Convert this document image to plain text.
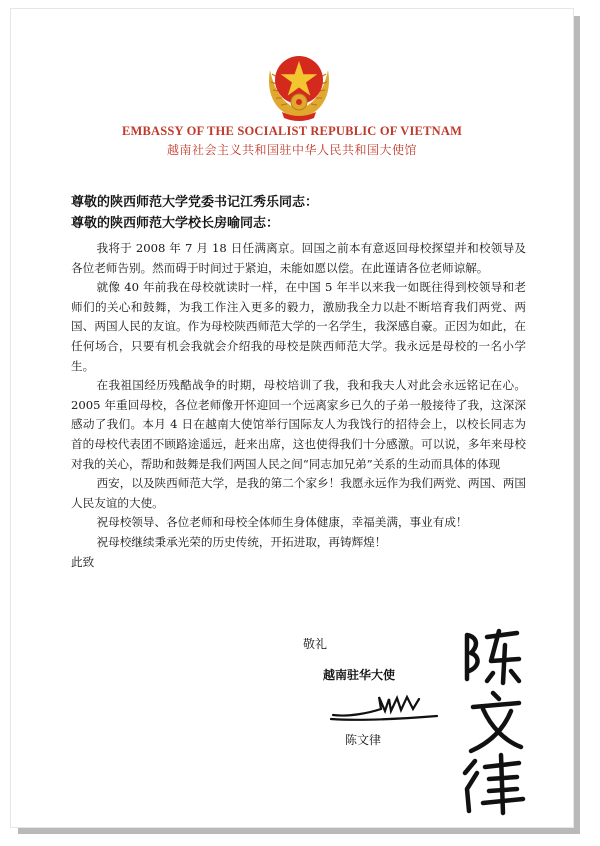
EMBASSY OF THE SOCIALIST REPUBLIC OF VIETNAM
越南社会主义共和国驻中华人民共和国大使馆
尊敬的陕西师范大学党委书记江秀乐同志：
尊敬的陕西师范大学校长房喻同志：

我将于 2008 年 7 月 18 日任满离京。回国之前本有意返回母校探望并和校领导及各位老师告别。然而碍于时间过于紧迫，未能如愿以偿。在此谨请各位老师谅解。

就像 40 年前我在母校就读时一样，在中国 5 年半以来我一如既往得到校领导和老师们的关心和鼓舞，为我工作注入更多的毅力，激励我全力以赴不断培育我们两党、两国、两国人民的友谊。作为母校陕西师范大学的一名学生，我深感自豪。正因为如此，在任何场合，只要有机会我就会介绍我的母校是陕西师范大学。我永远是母校的一名小学生。

在我祖国经历残酷战争的时期，母校培训了我，我和我夫人对此会永远铭记在心。2005 年重回母校，各位老师像开怀迎回一个远离家乡已久的子弟一般接待了我，这深深感动了我们。本月 4 日在越南大使馆举行国际友人为我饯行的招待会上，以校长同志为首的母校代表团不顾路途遥远，赶来出席，这也使得我们十分感激。可以说，多年来母校对我的关心，帮助和鼓舞是我们两国人民之间“同志加兄弟”关系的生动而具体的体现

西安，以及陕西师范大学，是我的第二个家乡！我愿永远作为我们两党、两国、两国人民友谊的大使。

祝母校领导、各位老师和母校全体师生身体健康，幸福美满，事业有成！

祝母校继续秉承光荣的历史传统，开拓进取，再铸辉煌！

此致

敬礼
越南驻华大使
陈文律
